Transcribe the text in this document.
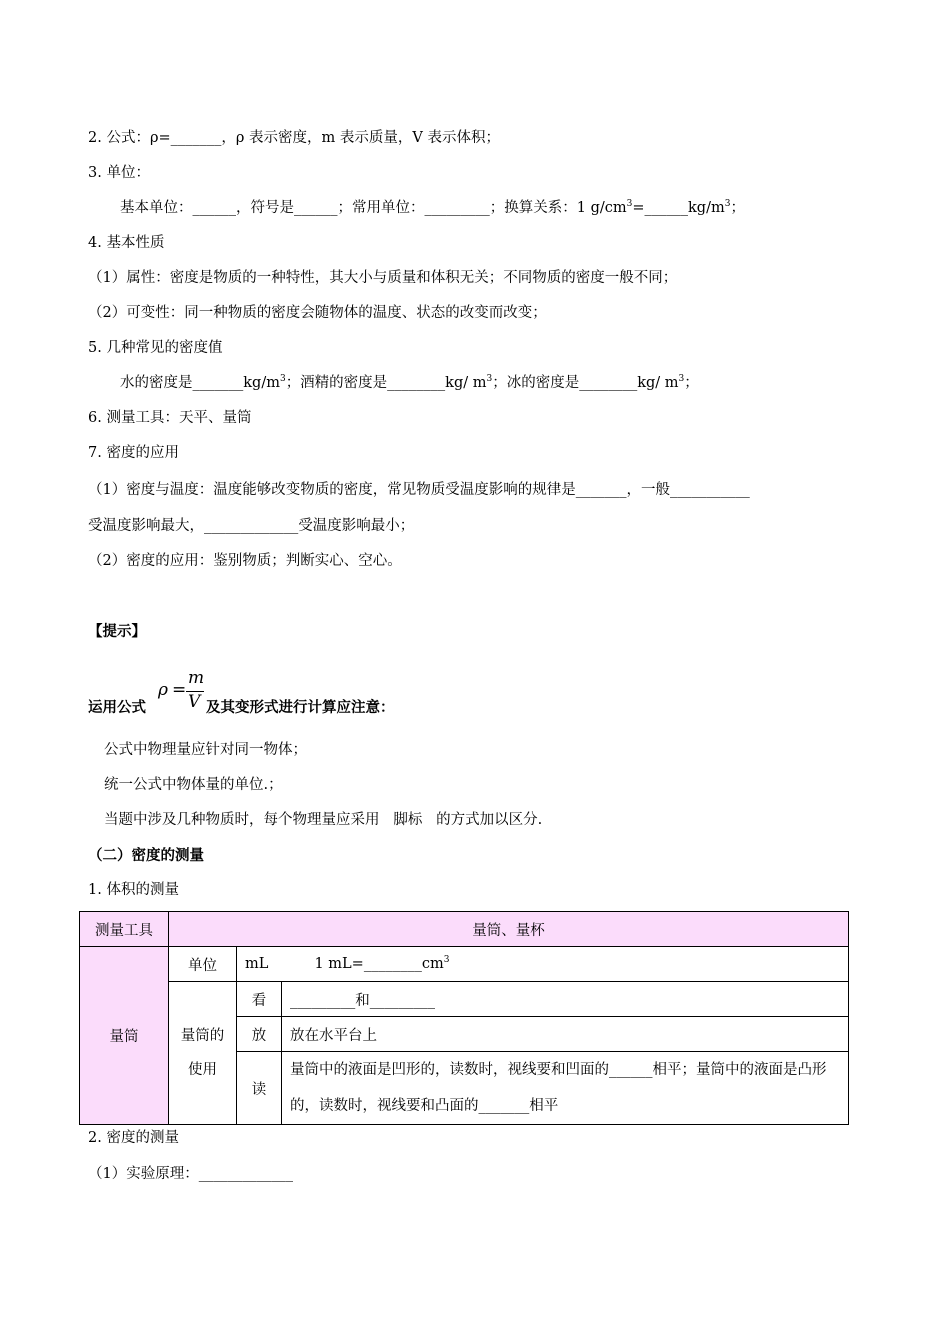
2. 公式：ρ=_______，ρ 表示密度，m 表示质量，V 表示体积；
3. 单位：
基本单位：______，符号是______；常用单位：_________；换算关系：1 $g/cm^3=\_\_\_\_\_\_kg/m^3$；
4. 基本性质
（1）属性：密度是物质的一种特性，其大小与质量和体积无关；不同物质的密度一般不同；
（2）可变性：同一种物质的密度会随物体的温度、状态的改变而改变；
5. 几种常见的密度值
水的密度是$\_\_\_\_\_\_\_kg/m^3$；酒精的密度是________kg/ $m^3$；冰的密度是________kg/ $m^3$；
6. 测量工具：天平、量筒
7. 密度的应用
（1）密度与温度：温度能够改变物质的密度，常见物质受温度影响的规律是_______，一般___________
受温度影响最大，_____________受温度影响最小；
（2）密度的应用：鉴别物质；判断实心、空心。
【提示】
运用公式
ρ =
m
V 及其变形式进行计算应注意：
公式中物理量应针对同一物体；
统一公式中物体量的单位.；
当题中涉及几种物质时，每个物理量应采用   脚标   的方式加以区分.
（二）密度的测量
1. 体积的测量
测量工具	量筒、量杯		
量筒	单位	mL          1 $mL=\_\_\_\_\_\_\_\_cm^3$
	量筒的使用	看	_________和_________
		放	放在水平台上
		读	量筒中的液面是凹形的，读数时，视线要和凹面的______相平；量筒中的液面是凸形的，读数时，视线要和凸面的_______相平
2. 密度的测量
（1）实验原理：_____________
